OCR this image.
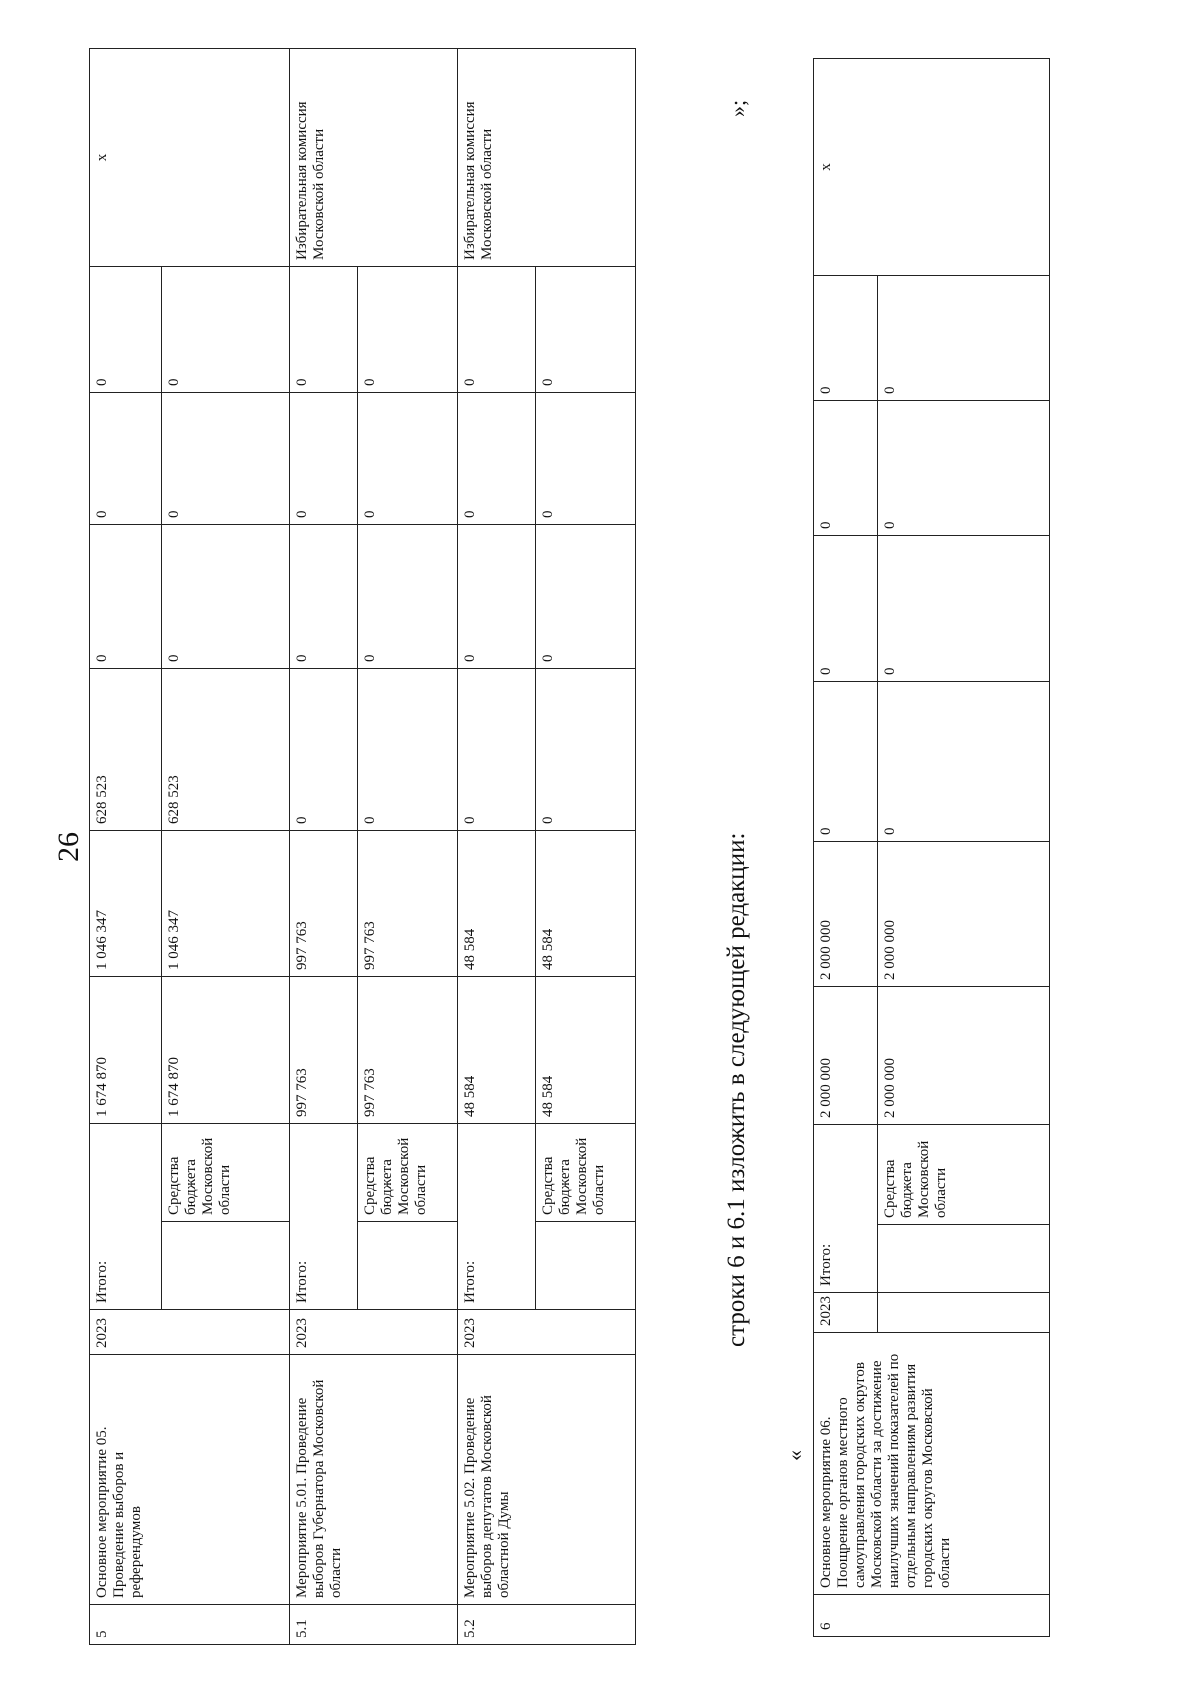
26
5	Основное мероприятие 05. Проведение выборов и референдумов	2023	Итого:		1 674 870	1 046 347	628 523	0	0	0	х
				Средства бюджета Московской области	1 674 870	1 046 347	628 523	0	0	0	
5.1	Мероприятие 5.01. Проведение выборов Губернатора Московской области	2023	Итого:		997 763	997 763	0	0	0	0	Избирательная комиссия Московской области
				Средства бюджета Московской области	997 763	997 763	0	0	0	0	
5.2	Мероприятие 5.02. Проведение выборов депутатов Московской областной Думы	2023	Итого:		48 584	48 584	0	0	0	0	Избирательная комиссия Московской области
				Средства бюджета Московской области	48 584	48 584	0	0	0	0	
»;
строки 6 и 6.1 изложить в следующей редакции:
«
6	Основное мероприятие 06. Поощрение органов местного самоуправления городских округов Московской области за достижение наилучших значений показателей по отдельным направлениям развития городских округов Московской области	2023	Итого:		2 000 000	2 000 000	0	0	0	0	х
				Средства бюджета Московской области	2 000 000	2 000 000	0	0	0	0	
